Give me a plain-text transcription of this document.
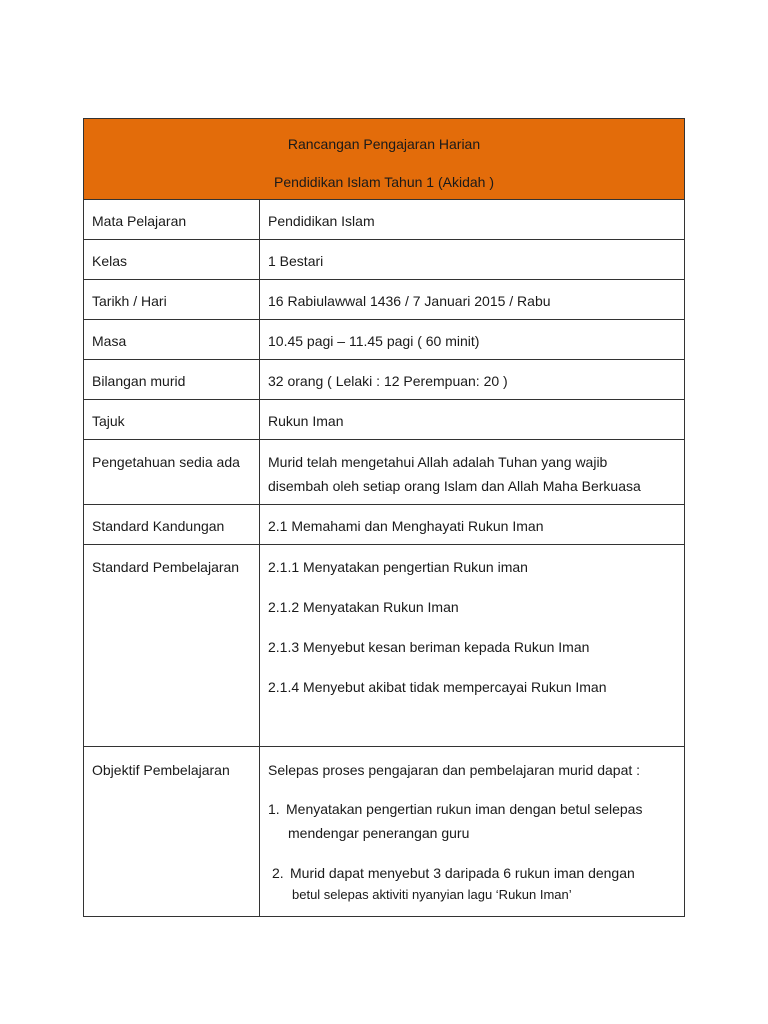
Rancangan Pengajaran Harian
Pendidikan Islam Tahun 1 (Akidah )	

Mata Pelajaran	Pendidikan Islam
Kelas	1 Bestari
Tarikh / Hari	16 Rabiulawwal 1436 / 7 Januari 2015 / Rabu
Masa	10.45 pagi – 11.45 pagi ( 60 minit)
Bilangan murid	32 orang ( Lelaki : 12 Perempuan: 20 )
Tajuk	Rukun Iman
Pengetahuan sedia ada	Murid telah mengetahui Allah adalah Tuhan yang wajib
disembah oleh setiap orang Islam dan Allah Maha Berkuasa

Standard Kandungan	2.1 Memahami dan Menghayati Rukun Iman
Standard Pembelajaran	2.1.1 Menyatakan pengertian Rukun iman
2.1.2 Menyatakan Rukun Iman
2.1.3 Menyebut kesan beriman kepada Rukun Iman
2.1.4 Menyebut akibat tidak mempercayai Rukun Iman

Objektif Pembelajaran	Selepas proses pengajaran dan pembelajaran murid dapat :
1. Menyatakan pengertian rukun iman dengan betul selepas
mendengar penerangan guru
2. Murid dapat menyebut 3 daripada 6 rukun iman dengan
betul selepas aktiviti nyanyian lagu ‘Rukun Iman’
